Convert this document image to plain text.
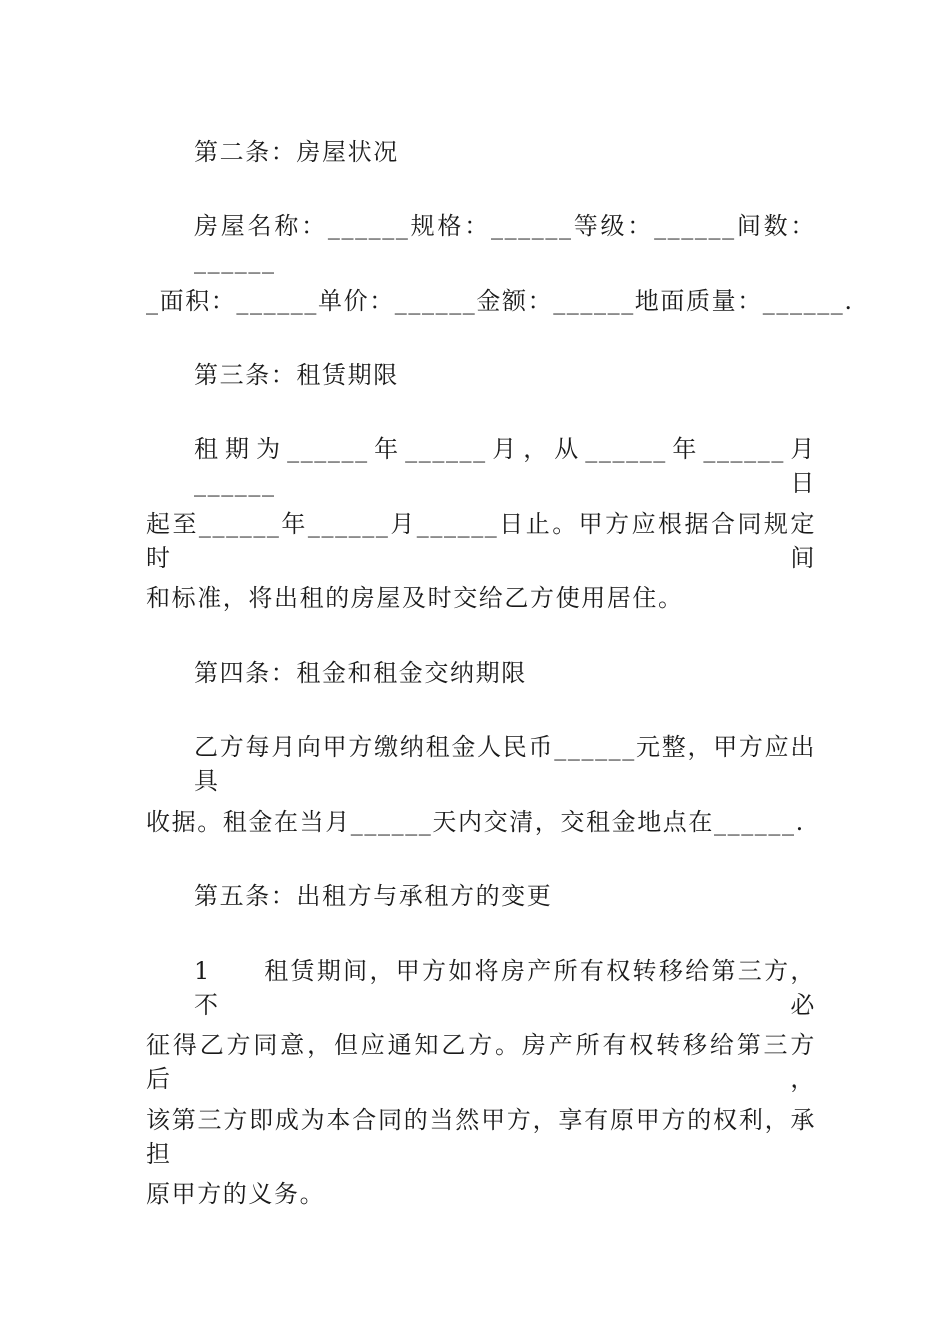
第二条：房屋状况
房屋名称：______规格：______等级：______间数：______
_面积：______单价：______金额：______地面质量：______.
第三条：租赁期限
租期为______年______月，从______年______月______日
起至______年______月______日止。甲方应根据合同规定时间
和标准，将出租的房屋及时交给乙方使用居住。
第四条：租金和租金交纳期限
乙方每月向甲方缴纳租金人民币______元整，甲方应出具
收据。租金在当月______天内交清，交租金地点在______.
第五条：出租方与承租方的变更
1　　租赁期间，甲方如将房产所有权转移给第三方，不必
征得乙方同意，但应通知乙方。房产所有权转移给第三方后，
该第三方即成为本合同的当然甲方，享有原甲方的权利，承担
原甲方的义务。
